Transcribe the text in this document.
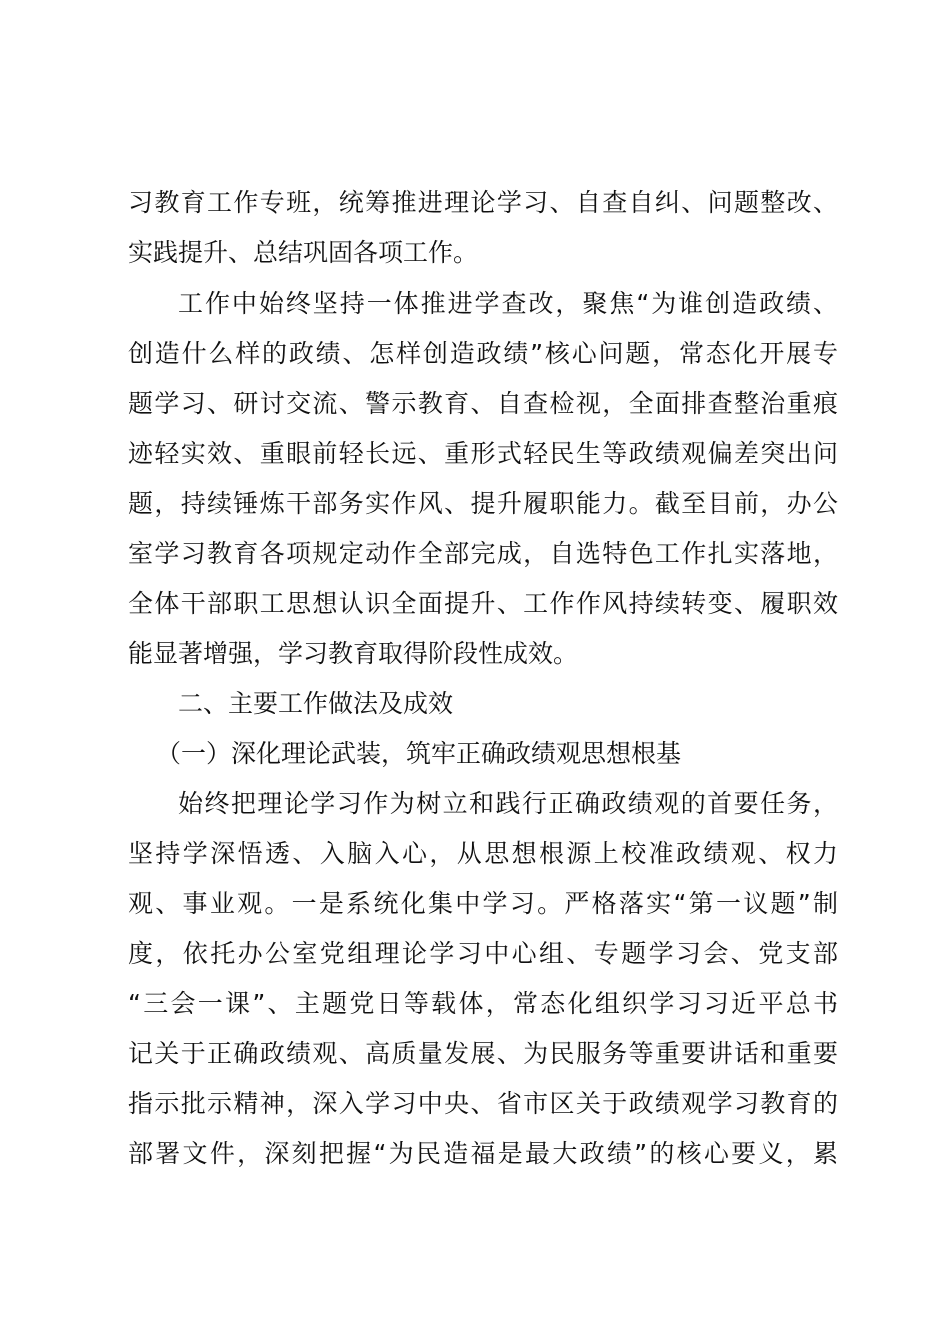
习教育工作专班，统筹推进理论学习、自查自纠、问题整改、
实践提升、总结巩固各项工作。
工作中始终坚持一体推进学查改，聚焦“为谁创造政绩、
创造什么样的政绩、怎样创造政绩”核心问题，常态化开展专
题学习、研讨交流、警示教育、自查检视，全面排查整治重痕
迹轻实效、重眼前轻长远、重形式轻民生等政绩观偏差突出问
题，持续锤炼干部务实作风、提升履职能力。截至目前，办公
室学习教育各项规定动作全部完成，自选特色工作扎实落地，
全体干部职工思想认识全面提升、工作作风持续转变、履职效
能显著增强，学习教育取得阶段性成效。
二、主要工作做法及成效
（一）深化理论武装，筑牢正确政绩观思想根基
始终把理论学习作为树立和践行正确政绩观的首要任务，
坚持学深悟透、入脑入心，从思想根源上校准政绩观、权力
观、事业观。一是系统化集中学习。严格落实“第一议题”制
度，依托办公室党组理论学习中心组、专题学习会、党支部
“三会一课”、主题党日等载体，常态化组织学习习近平总书
记关于正确政绩观、高质量发展、为民服务等重要讲话和重要
指示批示精神，深入学习中央、省市区关于政绩观学习教育的
部署文件，深刻把握“为民造福是最大政绩”的核心要义，累
